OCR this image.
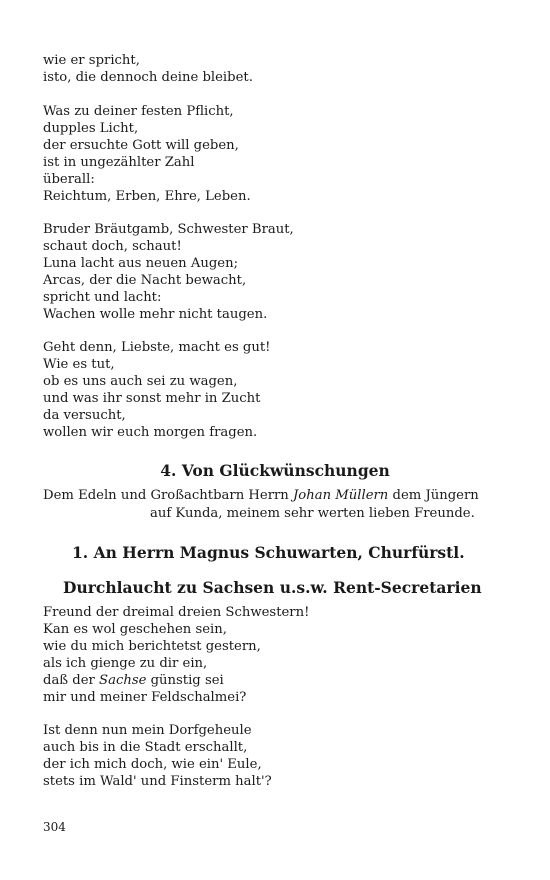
wie er spricht,
isto, die dennoch deine bleibet.
Was zu deiner festen Pflicht,
dupples Licht,
der ersuchte Gott will geben,
ist in ungezählter Zahl
überall:
Reichtum, Erben, Ehre, Leben.
Bruder Bräutgamb, Schwester Braut,
schaut doch, schaut!
Luna lacht aus neuen Augen;
Arcas, der die Nacht bewacht,
spricht und lacht:
Wachen wolle mehr nicht taugen.
Geht denn, Liebste, macht es gut!
Wie es tut,
ob es uns auch sei zu wagen,
und was ihr sonst mehr in Zucht
da versucht,
wollen wir euch morgen fragen.
4. Von Glückwünschungen
Dem Edeln und Großachtbarn Herrn Johan Müllern dem Jüngern
auf Kunda, meinem sehr werten lieben Freunde.
1. An Herrn Magnus Schuwarten, Churfürstl.
Durchlaucht zu Sachsen u.s.w. Rent-Secretarien
Freund der dreimal dreien Schwestern!
Kan es wol geschehen sein,
wie du mich berichtetst gestern,
als ich gienge zu dir ein,
daß der Sachse günstig sei
mir und meiner Feldschalmei?
Ist denn nun mein Dorfgeheule
auch bis in die Stadt erschallt,
der ich mich doch, wie ein' Eule,
stets im Wald' und Finsterm halt'?
304
